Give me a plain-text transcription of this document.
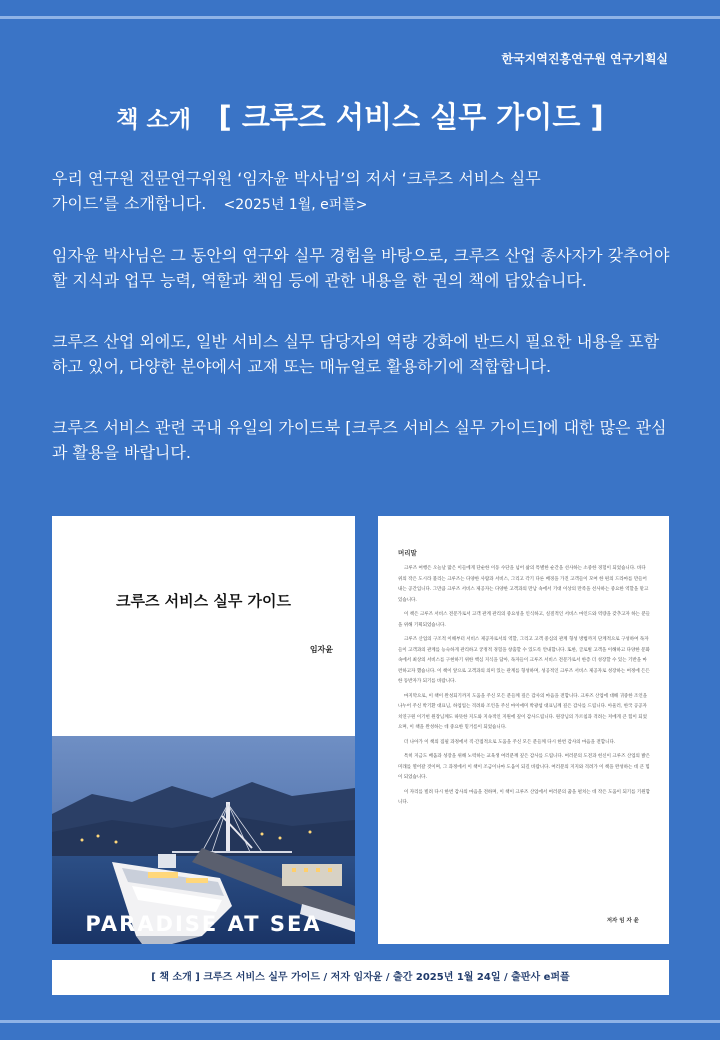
한국지역진흥연구원 연구기획실
책 소개 [ 크루즈 서비스 실무 가이드 ]
우리 연구원 전문연구위원 ‘임자윤 박사님’의 저서 ‘크루즈 서비스 실무
가이드’를 소개합니다. <2025년 1월, e퍼플>
임자윤 박사님은 그 동안의 연구와 실무 경험을 바탕으로, 크루즈 산업 종사자가 갖추어야 할 지식과 업무 능력, 역할과 책임 등에 관한 내용을 한 권의 책에 담았습니다.
크루즈 산업 외에도, 일반 서비스 실무 담당자의 역량 강화에 반드시 필요한 내용을 포함하고 있어, 다양한 분야에서 교재 또는 매뉴얼로 활용하기에 적합합니다.
크루즈 서비스 관련 국내 유일의 가이드북 [크루즈 서비스 실무 가이드]에 대한 많은 관심과 활용을 바랍니다.
크루즈 서비스 실무 가이드
임자윤
PARADISE AT SEA
머리말

크루즈 여행은 오늘날 많은 이들에게 단순한 이동 수단을 넘어 삶의 특별한 순간을 선사하는 소중한 경험이 되었습니다. 바다 위의 작은 도시라 불리는 크루즈는 다양한 사람과 서비스, 그리고 각기 다른 배경을 가진 고객들이 모여 한 편의 드라마를 만들어내는 공간입니다. 그만큼 크루즈 서비스 제공자는 다양한 고객과의 만남 속에서 기대 이상의 만족을 선사하는 중요한 역할을 맡고 있습니다.

이 책은 크루즈 서비스 전문가로서 고객 관계 관리의 중요성을 인식하고, 실질적인 서비스 마인드와 역량을 갖추고자 하는 분들을 위해 기획되었습니다.

크루즈 산업의 구조적 이해부터 서비스 제공자로서의 역할, 그리고 고객 중심의 관계 형성 방법까지 단계적으로 구성하여 독자들이 고객과의 관계를 능숙하게 관리하고 궁정적 경험을 창출할 수 있도록 안내합니다. 또한, 글로벌 고객을 이해하고 다양한 문화 속에서 최상의 서비스를 구현하기 위한 핵심 지식을 담아, 독자들이 크루즈 서비스 전문가로서 한층 더 성장할 수 있는 기반을 마련하고자 했습니다. 이 책이 앞으로 고객과의 의미 있는 관계를 형성하며, 성공적인 크루즈 서비스 제공자로 성장하는 여정에 든든한 동반자가 되기를 바랍니다.

마지막으로, 이 책이 완성되기까지 도움을 주신 모든 분들께 깊은 감사의 마음을 전합니다. 크루즈 산업에 대해 귀중한 조언을 나누어 주신 박기환 대표님, 하업업는 격려와 조언을 주신 마이애미 박광섭 대표님께 깊은 감사를 드립니다. 아울러, 한국 공공자치연구원 이기헌 원장님께도 따뜻한 지도와 지속적인 지원에 깊이 감사드립니다. 원장님의 가르침과 격려는 저에게 큰 힘이 되었으며, 이 책을 완성하는 데 중요한 밑거름이 되었습니다.

더 나아가 이 책의 집필 과정에서 직·간접적으로 도움을 주신 모든 분들께 다시 한번 감사의 마음을 전합니다.

특히 지금도 배움과 성장을 위해 노력하는 교육생 여러분께 깊은 감사를 드립니다. 여러분의 도전과 헌신이 크루즈 산업의 밝은 미래를 열어갈 것이며, 그 과정에서 이 책이 조금이나마 도움이 되길 바랍니다. 여러분의 지지와 격려가 이 책을 완성하는 데 큰 힘이 되었습니다.

이 자리를 빌려 다시 한번 감사의 마음을 전하며, 이 책이 크루즈 산업에서 여러분의 꿈을 펼치는 데 작은 도움이 되기를 기원합니다.

저자 임 자 윤
[ 책 소개 ] 크루즈 서비스 실무 가이드 / 저자 임자윤 / 출간 2025년 1월 24일 / 출판사 e퍼플
